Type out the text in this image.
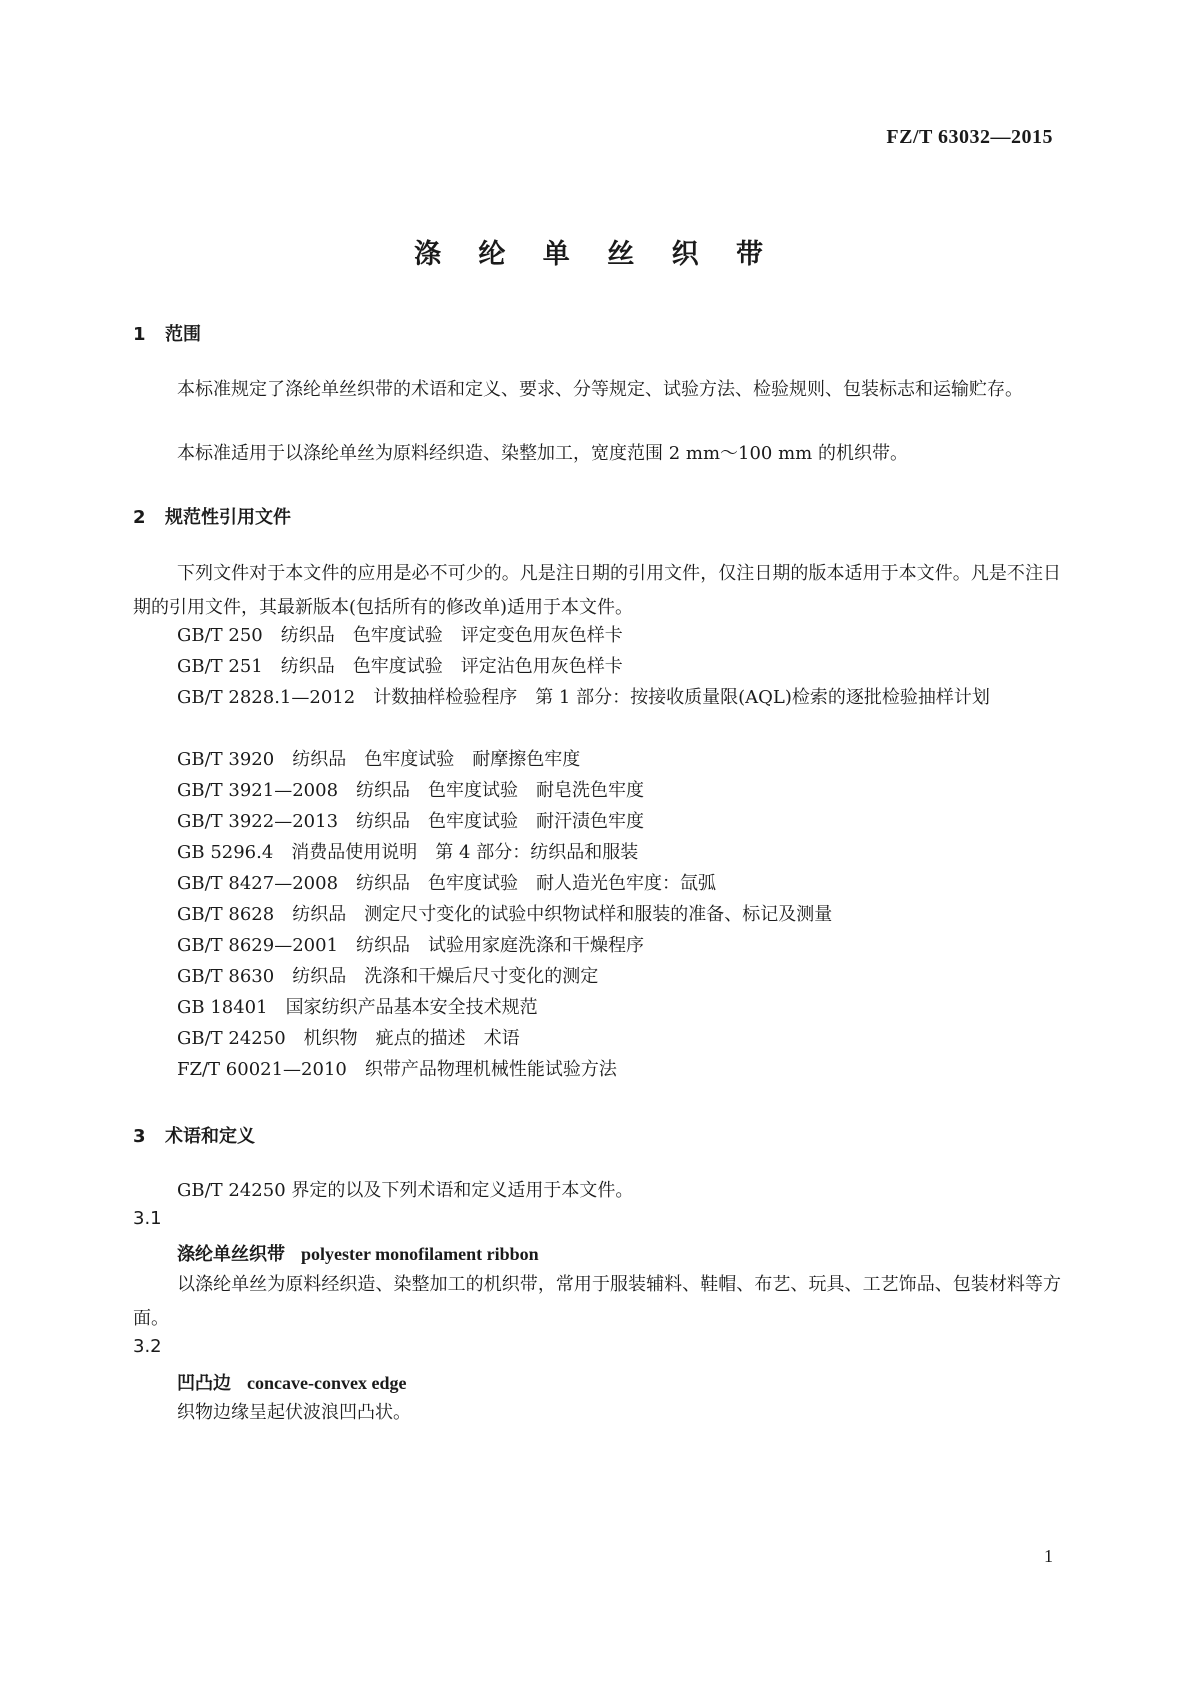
FZ/T 63032—2015
涤 纶 单 丝 织 带
1 范围

本标准规定了涤纶单丝织带的术语和定义、要求、分等规定、试验方法、检验规则、包装标志和运输贮存。

本标准适用于以涤纶单丝为原料经织造、染整加工，宽度范围 2 mm～100 mm 的机织带。

2 规范性引用文件

下列文件对于本文件的应用是必不可少的。凡是注日期的引用文件，仅注日期的版本适用于本文件。凡是不注日期的引用文件，其最新版本(包括所有的修改单)适用于本文件。

GB/T 250　纺织品　色牢度试验　评定变色用灰色样卡

GB/T 251　纺织品　色牢度试验　评定沾色用灰色样卡

GB/T 2828.1—2012　计数抽样检验程序　第 1 部分：按接收质量限(AQL)检索的逐批检验抽样计划

GB/T 3920　纺织品　色牢度试验　耐摩擦色牢度

GB/T 3921—2008　纺织品　色牢度试验　耐皂洗色牢度

GB/T 3922—2013　纺织品　色牢度试验　耐汗渍色牢度

GB 5296.4　消费品使用说明　第 4 部分：纺织品和服装

GB/T 8427—2008　纺织品　色牢度试验　耐人造光色牢度：氙弧

GB/T 8628　纺织品　测定尺寸变化的试验中织物试样和服装的准备、标记及测量

GB/T 8629—2001　纺织品　试验用家庭洗涤和干燥程序

GB/T 8630　纺织品　洗涤和干燥后尺寸变化的测定

GB 18401　国家纺织产品基本安全技术规范

GB/T 24250　机织物　疵点的描述　术语

FZ/T 60021—2010　织带产品物理机械性能试验方法

3 术语和定义

GB/T 24250 界定的以及下列术语和定义适用于本文件。

3.1
涤纶单丝织带 polyester monofilament ribbon

以涤纶单丝为原料经织造、染整加工的机织带，常用于服装辅料、鞋帽、布艺、玩具、工艺饰品、包装材料等方面。

3.2
凹凸边 concave-convex edge

织物边缘呈起伏波浪凹凸状。

1
